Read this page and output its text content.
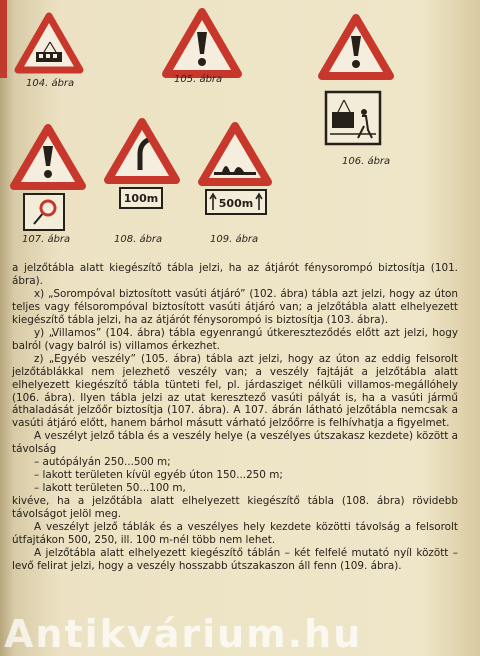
104. ábra	105. ábra
106. ábra
107. ábra
100m
108. ábra
500m
109. ábra

a jelzőtábla alatt kiegészítő tábla jelzi, ha az átjárót fénysorompó biztosítja (101. ábra).

x) „Sorompóval biztosított vasúti átjáró” (102. ábra) tábla azt jelzi, hogy az úton teljes vagy félsorompóval biztosított vasúti átjáró van; a jelzőtábla alatt elhelyezett kiegészítő tábla jelzi, ha az átjárót fénysorompó is biztosítja (103. ábra).

y) „Villamos” (104. ábra) tábla egyenrangú útkereszteződés előtt azt jelzi, hogy balról (vagy balról is) villamos érkezhet.

z) „Egyéb veszély” (105. ábra) tábla azt jelzi, hogy az úton az eddig felsorolt jelzőtáblákkal nem jelezhető veszély van; a veszély fajtáját a jelzőtábla alatt elhelyezett kiegészítő tábla tünteti fel, pl. járdasziget nélküli villamos-megállóhely (106. ábra). Ilyen tábla jelzi az utat keresztező vasúti pályát is, ha a vasúti jármű áthaladását jelzőőr biztosítja (107. ábra). A 107. ábrán látható jelzőtábla nemcsak a vasúti átjáró előtt, hanem bárhol másutt várható jelzőőrre is felhívhatja a figyelmet.

A veszélyt jelző tábla és a veszély helye (a veszélyes útszakasz kezdete) között a távolság

– autópályán 250...500 m;

– lakott területen kívül egyéb úton 150...250 m;

– lakott területen 50...100 m,

kivéve, ha a jelzőtábla alatt elhelyezett kiegészítő tábla (108. ábra) rövidebb távolságot jelöl meg.

A veszélyt jelző táblák és a veszélyes hely kezdete közötti távolság a felsorolt útfajtákon 500, 250, ill. 100 m-nél több nem lehet.

A jelzőtábla alatt elhelyezett kiegészítő táblán – két felfelé mutató nyíl között – levő felirat jelzi, hogy a veszély hosszabb útszakaszon áll fenn (109. ábra).

Antikvárium.hu
